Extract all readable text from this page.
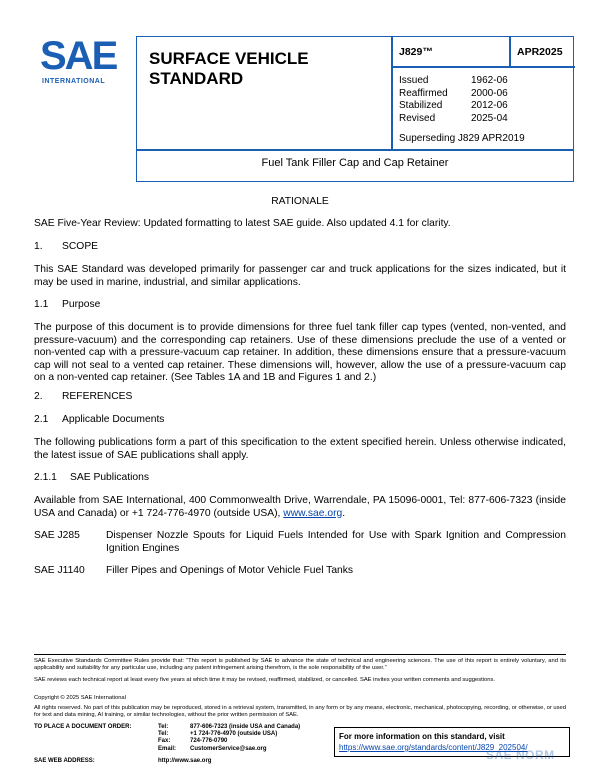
SAE
INTERNATIONAL
SURFACE VEHICLE
STANDARD
J829™	APR2025
Issued	1962-06
Reaffirmed	2000-06
Stabilized	2012-06
Revised	2025-04
Superseding J829 APR2019
Fuel Tank Filler Cap and Cap Retainer
RATIONALE
SAE Five-Year Review: Updated formatting to latest SAE guide. Also updated 4.1 for clarity.
1.	SCOPE
This SAE Standard was developed primarily for passenger car and truck applications for the sizes indicated, but it may be used in marine, industrial, and similar applications.
1.1	Purpose
The purpose of this document is to provide dimensions for three fuel tank filler cap types (vented, non-vented, and pressure-vacuum) and the corresponding cap retainers. Use of these dimensions preclude the use of a vented or non-vented cap with a pressure-vacuum cap retainer. In addition, these dimensions ensure that a pressure-vacuum cap will not seal to a vented cap retainer. These dimensions will, however, allow the use of a pressure-vacuum cap on a non-vented cap retainer. (See Tables 1A and 1B and Figures 1 and 2.)
2.	REFERENCES
2.1	Applicable Documents
The following publications form a part of this specification to the extent specified herein. Unless otherwise indicated, the latest issue of SAE publications shall apply.
2.1.1	SAE Publications
Available from SAE International, 400 Commonwealth Drive, Warrendale, PA 15096-0001, Tel: 877-606-7323 (inside USA and Canada) or +1 724-776-4970 (outside USA), www.sae.org.
SAE J285	Dispenser Nozzle Spouts for Liquid Fuels Intended for Use with Spark Ignition and Compression Ignition Engines
SAE J1140	Filler Pipes and Openings of Motor Vehicle Fuel Tanks
SAE Executive Standards Committee Rules provide that: “This report is published by SAE to advance the state of technical and engineering sciences. The use of this report is entirely voluntary, and its applicability and suitability for any particular use, including any patent infringement arising therefrom, is the sole responsibility of the user.”
SAE reviews each technical report at least every five years at which time it may be revised, reaffirmed, stabilized, or cancelled. SAE invites your written comments and suggestions.
Copyright © 2025 SAE International
All rights reserved. No part of this publication may be reproduced, stored in a retrieval system, transmitted, in any form or by any means, electronic, mechanical, photocopying, recording, or otherwise, or used for text and data mining, AI training, or similar technologies, without the prior written permission of SAE.
TO PLACE A DOCUMENT ORDER:	Tel:	877-606-7323 (inside USA and Canada)
Tel:	+1 724-776-4970 (outside USA)
Fax:	724-776-0790
Email:	CustomerService@sae.org
SAE WEB ADDRESS:	http://www.sae.org
For more information on this standard, visit
https://www.sae.org/standards/content/J829_202504/
SAE NORM
